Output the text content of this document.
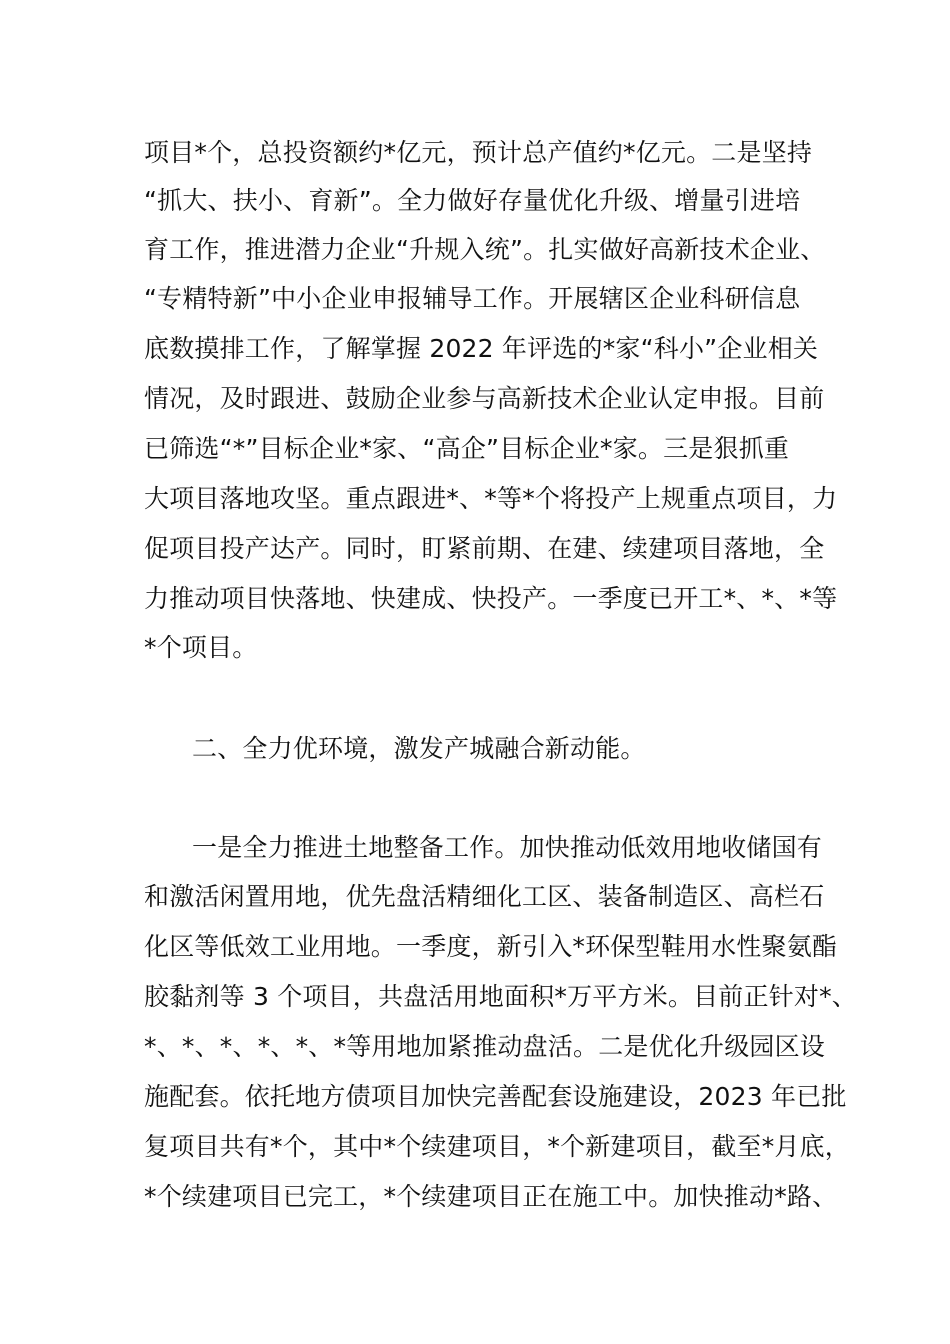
项目*个，总投资额约*亿元，预计总产值约*亿元。二是坚持
“抓大、扶小、育新”。全力做好存量优化升级、增量引进培
育工作，推进潜力企业“升规入统”。扎实做好高新技术企业、
“专精特新”中小企业申报辅导工作。开展辖区企业科研信息
底数摸排工作，了解掌握 2022 年评选的*家“科小”企业相关
情况，及时跟进、鼓励企业参与高新技术企业认定申报。目前
已筛选“*”目标企业*家、“高企”目标企业*家。三是狠抓重
大项目落地攻坚。重点跟进*、*等*个将投产上规重点项目，力
促项目投产达产。同时，盯紧前期、在建、续建项目落地，全
力推动项目快落地、快建成、快投产。一季度已开工*、*、*等
*个项目。
二、全力优环境，激发产城融合新动能。
一是全力推进土地整备工作。加快推动低效用地收储国有
和激活闲置用地，优先盘活精细化工区、装备制造区、高栏石
化区等低效工业用地。一季度，新引入*环保型鞋用水性聚氨酯
胶黏剂等 3 个项目，共盘活用地面积*万平方米。目前正针对*、
*、*、*、*、*、*等用地加紧推动盘活。二是优化升级园区设
施配套。依托地方债项目加快完善配套设施建设，2023 年已批
复项目共有*个，其中*个续建项目，*个新建项目，截至*月底，
*个续建项目已完工，*个续建项目正在施工中。加快推动*路、
